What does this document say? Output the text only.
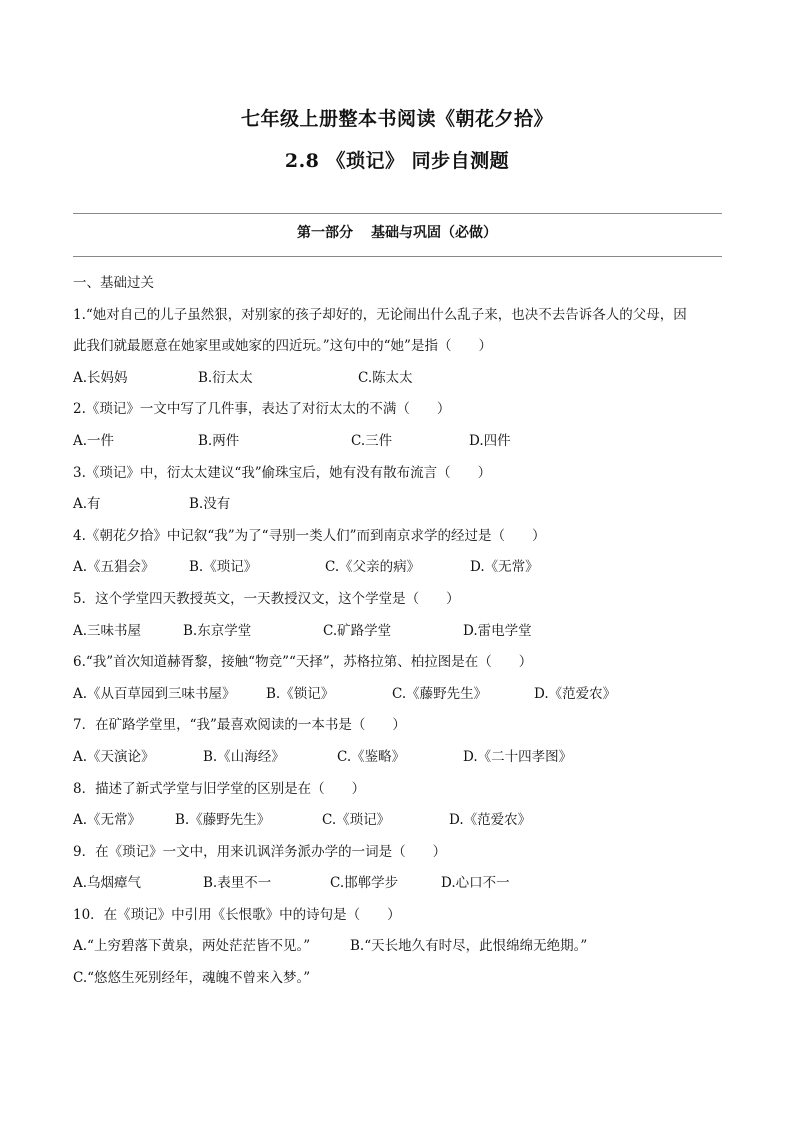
七年级上册整本书阅读《朝花夕拾》
2.8 《琐记》 同步自测题
第一部分 基础与巩固（必做）
一、基础过关
1.“她对自己的儿子虽然狠，对别家的孩子却好的，无论闹出什么乱子来，也决不去告诉各人的父母，因
此我们就最愿意在她家里或她家的四近玩。”这句中的“她”是指（　　）
A.长妈妈	B.衍太太	C.陈太太
2.《琐记》一文中写了几件事，表达了对衍太太的不满（　　）
A.一件	B.两件	C.三件	D.四件
3.《琐记》中，衍太太建议“我”偷珠宝后，她有没有散布流言（　　）
A.有	B.没有
4.《朝花夕拾》中记叙“我”为了“寻别一类人们”而到南京求学的经过是（　　）
A.《五猖会》	B.《琐记》	C.《父亲的病》	D.《无常》
5．这个学堂四天教授英文，一天教授汉文，这个学堂是（　　）
A.三味书屋	B.东京学堂	C.矿路学堂	D.雷电学堂
6.“我”首次知道赫胥黎，接触“物竞”“天择”，苏格拉第、柏拉图是在（　　）
A.《从百草园到三味书屋》 B.《锁记》	C.《藤野先生》	D.《范爱农》
7．在矿路学堂里，“我”最喜欢阅读的一本书是（　　）
A.《天演论》	B.《山海经》	C.《鉴略》	D.《二十四孝图》
8．描述了新式学堂与旧学堂的区别是在（　　）
A.《无常》	B.《藤野先生》	C.《琐记》	D.《范爱农》
9．在《琐记》一文中，用来讥讽洋务派办学的一词是（　　）
A.乌烟瘴气	B.表里不一	C.邯郸学步	D.心口不一
10．在《琐记》中引用《长恨歌》中的诗句是（　　）
A.“上穷碧落下黄泉，两处茫茫皆不见。”	B.“天长地久有时尽，此恨绵绵无绝期。”
C.“悠悠生死别经年，魂魄不曾来入梦。”
